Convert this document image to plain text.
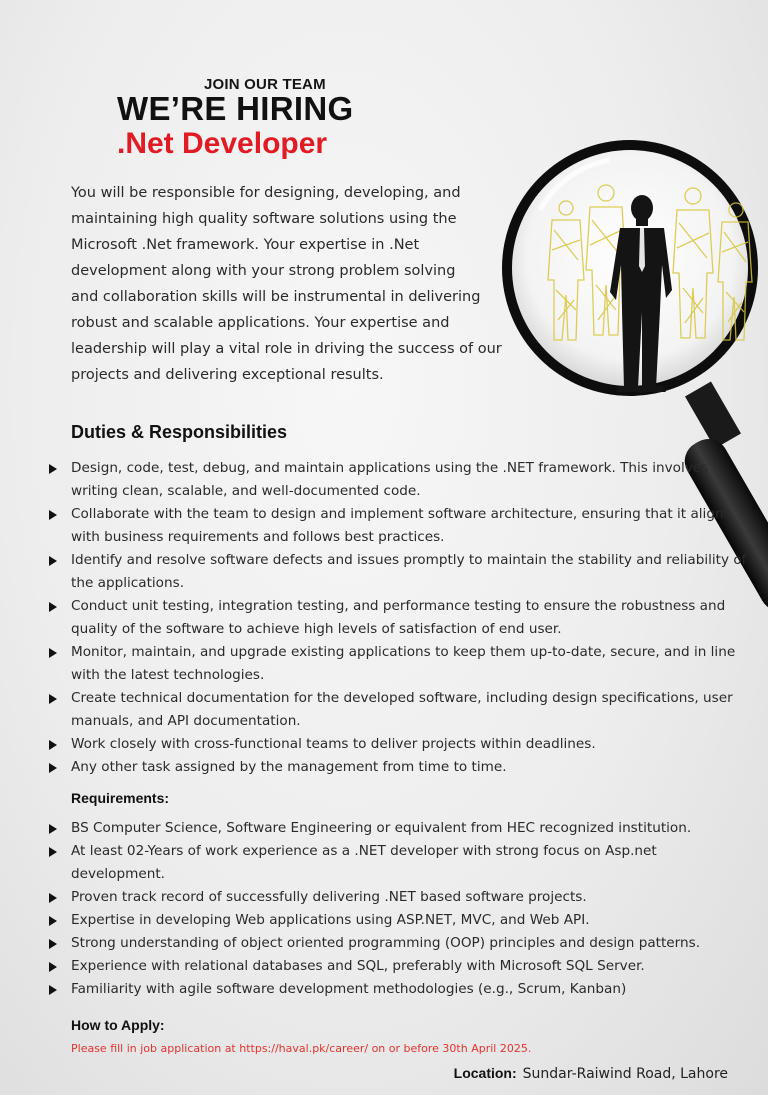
JOIN OUR TEAM
WE’RE HIRING
.Net Developer
You will be responsible for designing, developing, and
maintaining high quality software solutions using the
Microsoft .Net framework. Your expertise in .Net
development along with your strong problem solving
and collaboration skills will be instrumental in delivering
robust and scalable applications. Your expertise and
leadership will play a vital role in driving the success of our
projects and delivering exceptional results.
Duties & Responsibilities
Design, code, test, debug, and maintain applications using the .NET framework. This involves writing clean, scalable, and well-documented code.
Collaborate with the team to design and implement software architecture, ensuring that it aligns with business requirements and follows best practices.
Identify and resolve software defects and issues promptly to maintain the stability and reliability of the applications.
Conduct unit testing, integration testing, and performance testing to ensure the robustness and quality of the software to achieve high levels of satisfaction of end user.
Monitor, maintain, and upgrade existing applications to keep them up-to-date, secure, and in line with the latest technologies.
Create technical documentation for the developed software, including design specifications, user manuals, and API documentation.
Work closely with cross-functional teams to deliver projects within deadlines.
Any other task assigned by the management from time to time.
Requirements:
BS Computer Science, Software Engineering or equivalent from HEC recognized institution.
At least 02-Years of work experience as a .NET developer with strong focus on Asp.net development.
Proven track record of successfully delivering .NET based software projects.
Expertise in developing Web applications using ASP.NET, MVC, and Web API.
Strong understanding of object oriented programming (OOP) principles and design patterns.
Experience with relational databases and SQL, preferably with Microsoft SQL Server.
Familiarity with agile software development methodologies (e.g., Scrum, Kanban)
How to Apply:
Please fill in job application at https://haval.pk/career/ on or before 30th April 2025.
Location: Sundar-Raiwind Road, Lahore
